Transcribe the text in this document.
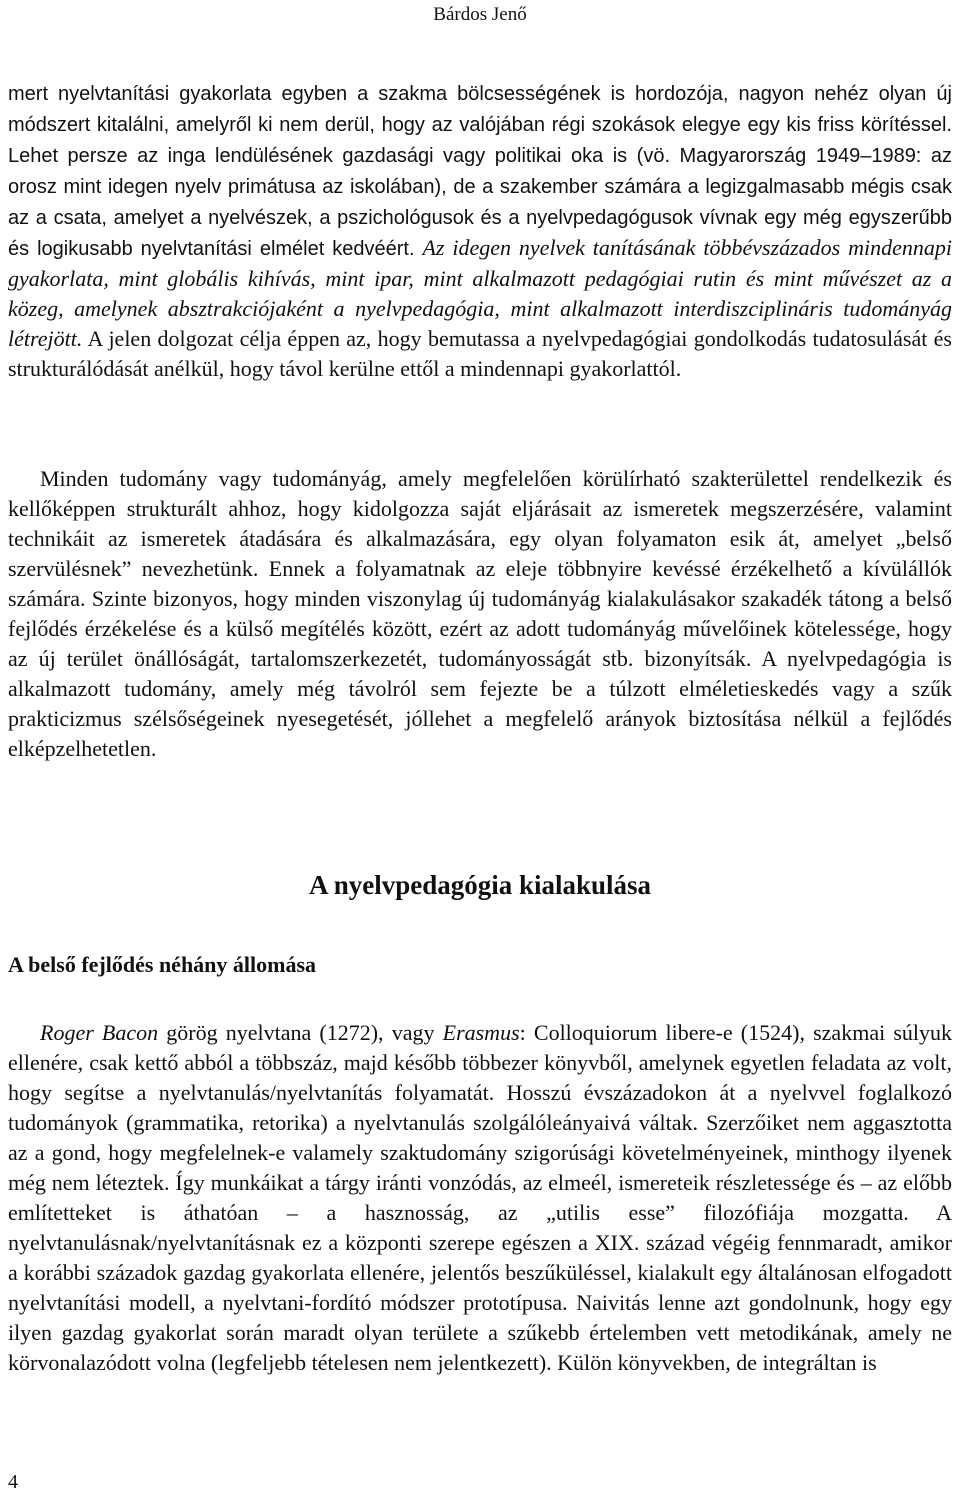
Bárdos Jenő
mert nyelvtanítási gyakorlata egyben a szakma bölcsességének is hordozója, nagyon nehéz olyan új módszert kitalálni, amelyről ki nem derül, hogy az valójában régi szokások elegye egy kis friss körítéssel. Lehet persze az inga lendülésének gazdasági vagy politikai oka is (vö. Magyarország 1949–1989: az orosz mint idegen nyelv primátusa az iskolában), de a szakember számára a legizgalmasabb mégis csak az a csata, amelyet a nyelvészek, a pszichológusok és a nyelvpedagógusok vívnak egy még egyszerűbb és logikusabb nyelvtanítási elmélet kedvéért. Az idegen nyelvek tanításának többévszázados mindennapi gyakorlata, mint globális kihívás, mint ipar, mint alkalmazott pedagógiai rutin és mint művészet az a közeg, amelynek absztrakciójaként a nyelvpedagógia, mint alkalmazott interdiszciplináris tudományág létrejött. A jelen dolgozat célja éppen az, hogy bemutassa a nyelvpedagógiai gondolkodás tudatosulását és strukturálódását anélkül, hogy távol kerülne ettől a mindennapi gyakorlattól.
Minden tudomány vagy tudományág, amely megfelelően körülírható szakterülettel rendelkezik és kellőképpen strukturált ahhoz, hogy kidolgozza saját eljárásait az ismeretek megszerzésére, valamint technikáit az ismeretek átadására és alkalmazására, egy olyan folyamaton esik át, amelyet „belső szervülésnek” nevezhetünk. Ennek a folyamatnak az eleje többnyire kevéssé érzékelhető a kívülállók számára. Szinte bizonyos, hogy minden viszonylag új tudományág kialakulásakor szakadék tátong a belső fejlődés érzékelése és a külső megítélés között, ezért az adott tudományág művelőinek kötelessége, hogy az új terület önállóságát, tartalomszerkezetét, tudományosságát stb. bizonyítsák. A nyelvpedagógia is alkalmazott tudomány, amely még távolról sem fejezte be a túlzott elméletieskedés vagy a szűk prakticizmus szélsőségeinek nyesegetését, jóllehet a megfelelő arányok biztosítása nélkül a fejlődés elképzelhetetlen.
A nyelvpedagógia kialakulása
A belső fejlődés néhány állomása
Roger Bacon görög nyelvtana (1272), vagy Erasmus: Colloquiorum libere-e (1524), szakmai súlyuk ellenére, csak kettő abból a többszáz, majd később többezer könyvből, amelynek egyetlen feladata az volt, hogy segítse a nyelvtanulás/nyelvtanítás folyamatát. Hosszú évszázadokon át a nyelvvel foglalkozó tudományok (grammatika, retorika) a nyelvtanulás szolgálóleányaivá váltak. Szerzőiket nem aggasztotta az a gond, hogy megfelelnek-e valamely szaktudomány szigorúsági követelményeinek, minthogy ilyenek még nem léteztek. Így munkáikat a tárgy iránti vonzódás, az elmeél, ismereteik részletessége és – az előbb említetteket is áthatóan – a hasznosság, az „utilis esse” filozófiája mozgatta. A nyelvtanulásnak/nyelvtanításnak ez a központi szerepe egészen a XIX. század végéig fennmaradt, amikor a korábbi századok gazdag gyakorlata ellenére, jelentős beszűküléssel, kialakult egy általánosan elfogadott nyelvtanítási modell, a nyelvtani-fordító módszer prototípusa. Naivitás lenne azt gondolnunk, hogy egy ilyen gazdag gyakorlat során maradt olyan területe a szűkebb értelemben vett metodikának, amely ne körvonalazódott volna (legfeljebb tételesen nem jelentkezett). Külön könyvekben, de integráltan is
4
